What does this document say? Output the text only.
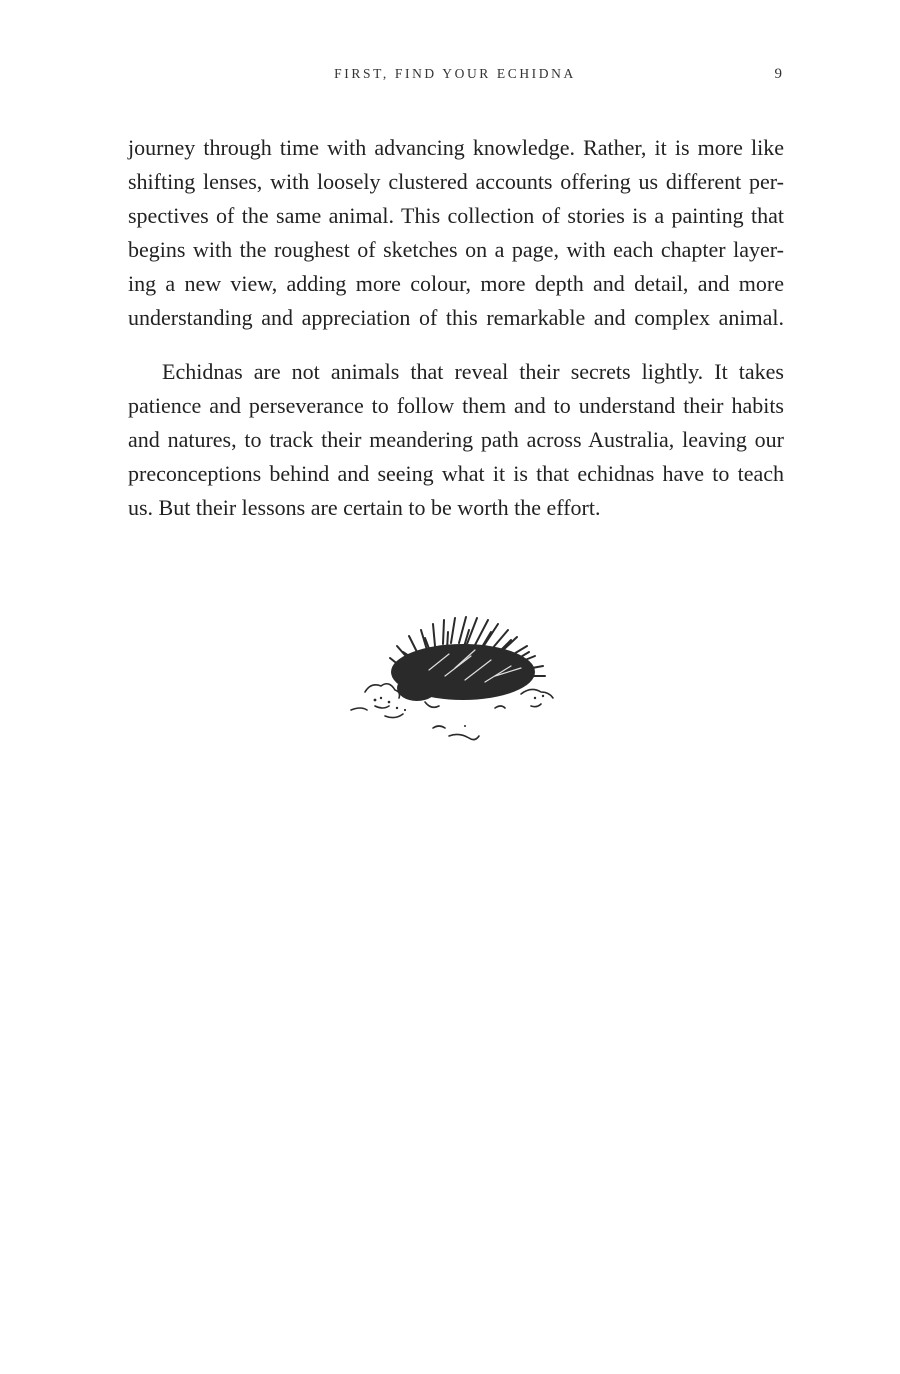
FIRST, FIND YOUR ECHIDNA	9

journey through time with advancing knowledge. Rather, it is more like
shifting lenses, with loosely clustered accounts offering us different per-
spectives of the same animal. This collection of stories is a painting that
begins with the roughest of sketches on a page, with each chapter layer-
ing a new view, adding more colour, more depth and detail, and more
understanding and appreciation of this remarkable and complex animal.

Echidnas are not animals that reveal their secrets lightly. It takes
patience and perseverance to follow them and to understand their habits
and natures, to track their meandering path across Australia, leaving our
preconceptions behind and seeing what it is that echidnas have to teach
us. But their lessons are certain to be worth the effort.
